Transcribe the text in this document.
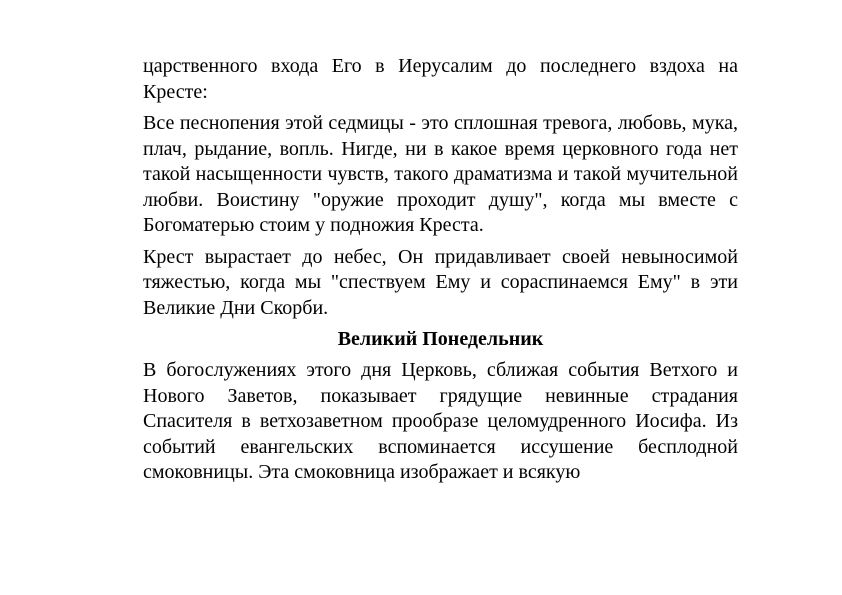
царственного входа Его в Иерусалим до последнего вздоха на Кресте:

Все песнопения этой седмицы - это сплошная тревога, любовь, мука, плач, рыдание, вопль. Нигде, ни в какое время церковного года нет такой насыщенности чувств, такого драматизма и такой мучительной любви. Воистину "оружие проходит душу", когда мы вместе с Богоматерью стоим у подножия Креста.

Крест вырастает до небес, Он придавливает своей невыносимой тяжестью, когда мы "спествуем Ему и сораспинаемся Ему" в эти Великие Дни Скорби.

Великий Понедельник

В богослужениях этого дня Церковь, сближая события Ветхого и Нового Заветов, показывает грядущие невинные страдания Спасителя в ветхозаветном прообразе целомудренного Иосифа. Из событий евангельских вспоминается иссушение бесплодной смоковницы. Эта смоковница изображает и всякую
